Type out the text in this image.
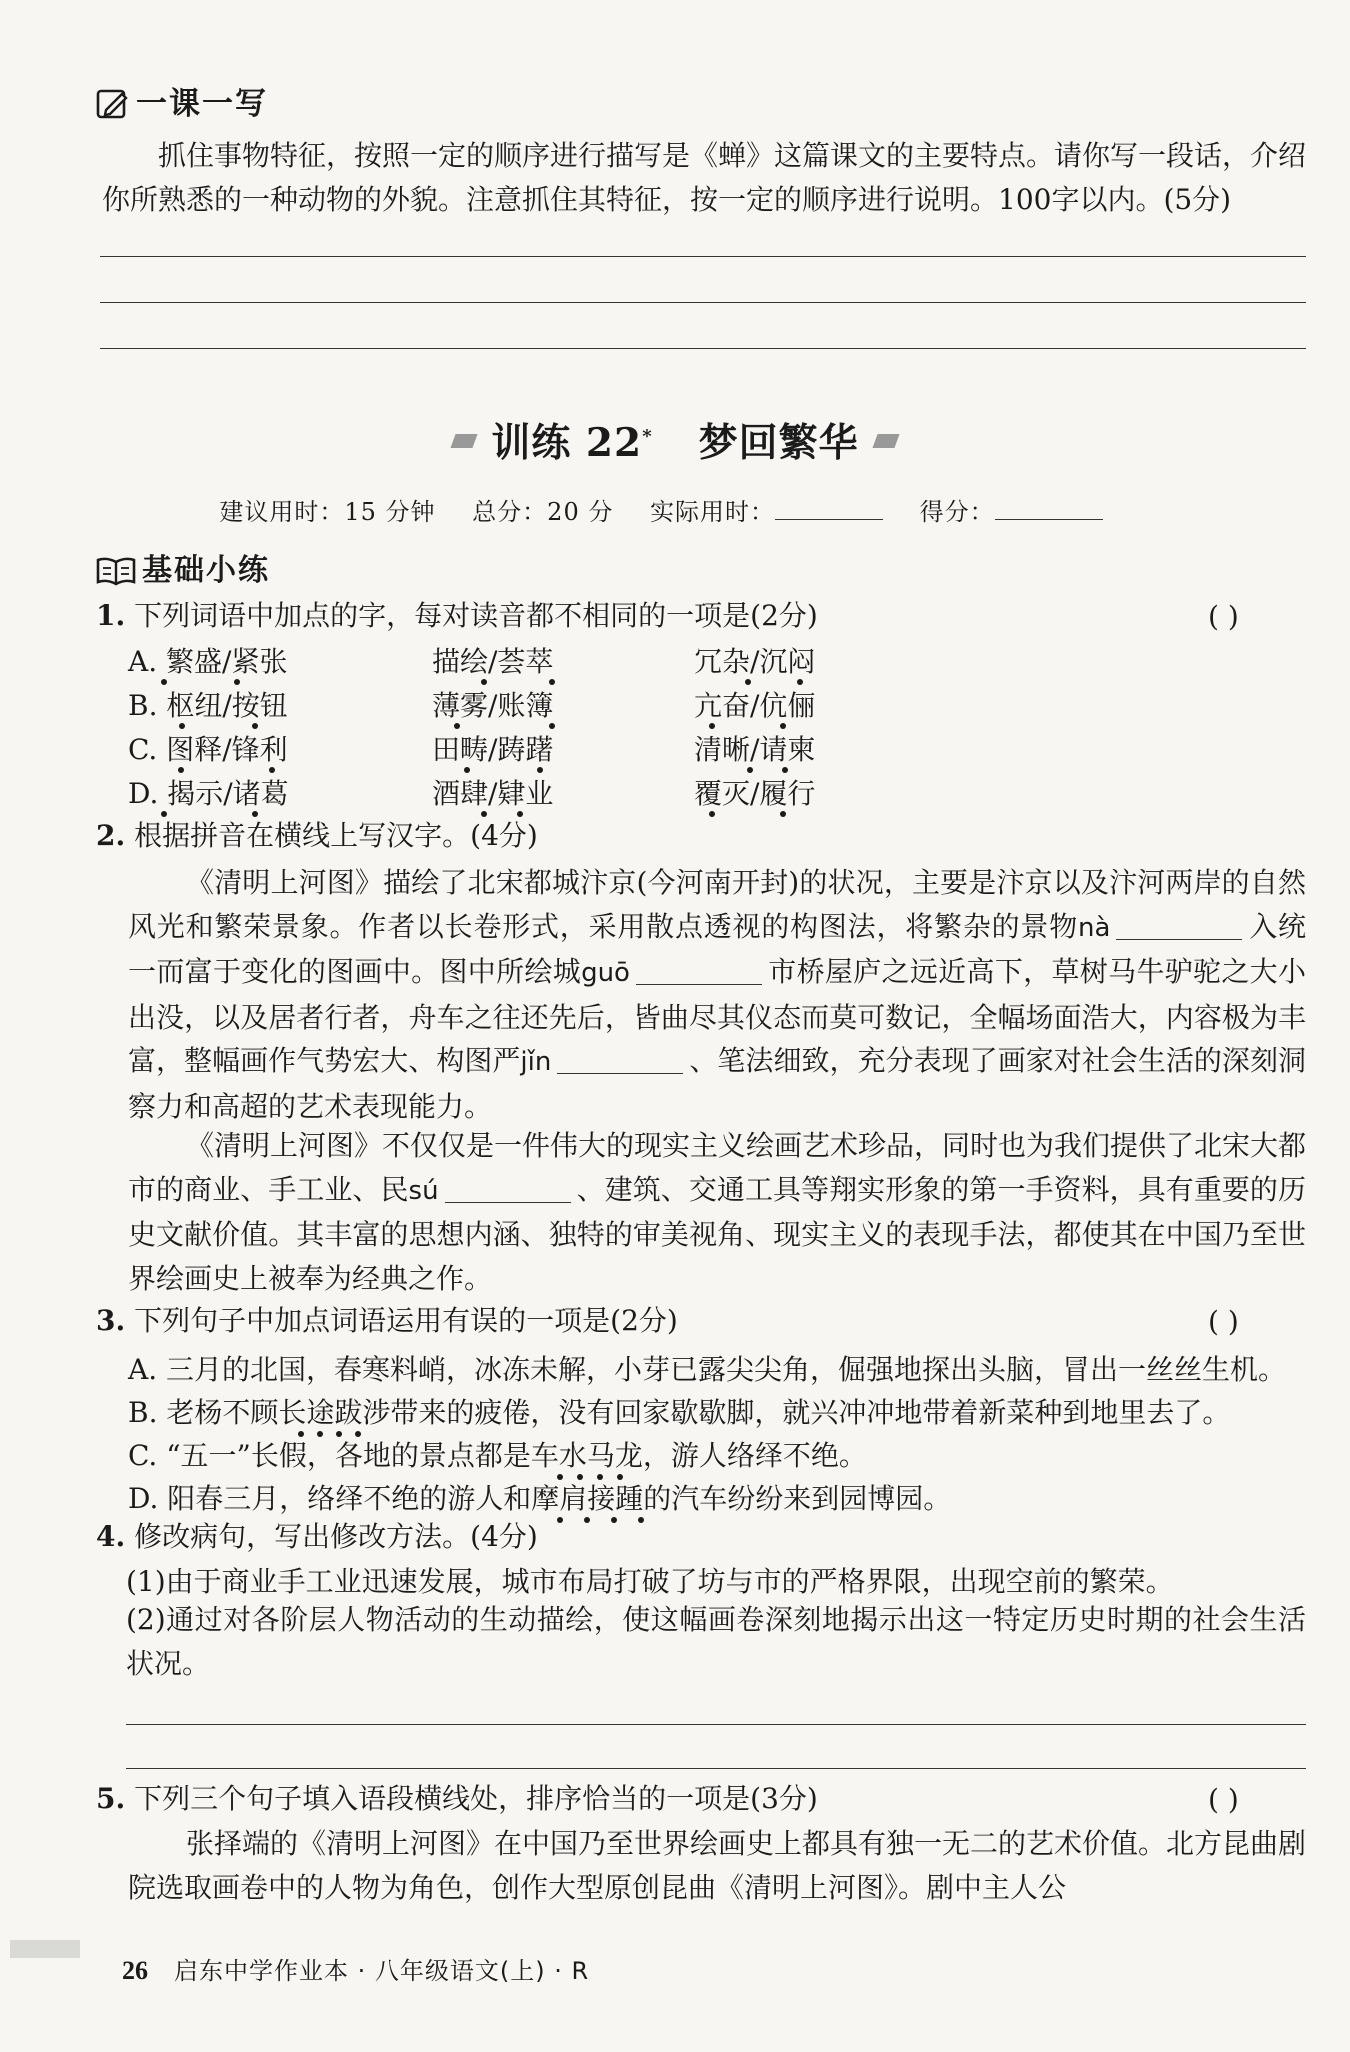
一课一写
抓住事物特征，按照一定的顺序进行描写是《蝉》这篇课文的主要特点。请你写一段话，介绍
你所熟悉的一种动物的外貌。注意抓住其特征，按一定的顺序进行说明。100字以内。(5分)
训练 22* 梦回繁华
建议用时：15 分钟 总分：20 分 实际用时：	得分：
基础小练
1. 下列词语中加点的字，每对读音都不相同的一项是(2分)	( )
A. 繁盛/紧张	描绘/荟萃	冗杂/沉闷
B. 枢纽/按钮	薄雾/账簿	亢奋/伉俪
C. 图释/锋利	田畴/踌躇	清晰/请柬
D. 揭示/诸葛	酒肆/肄业	覆灭/履行
2. 根据拼音在横线上写汉字。(4分)
《清明上河图》描绘了北宋都城汴京(今河南开封)的状况，主要是汴京以及汴河两岸的自然风光和繁荣景象。作者以长卷形式，采用散点透视的构图法，将繁杂的景物nà	入统一而富于变化的图画中。图中所绘城guō	市桥屋庐之远近高下，草树马牛驴驼之大小出没，以及居者行者，舟车之往还先后，皆曲尽其仪态而莫可数记，全幅场面浩大，内容极为丰富，整幅画作气势宏大、构图严jǐn	、笔法细致，充分表现了画家对社会生活的深刻洞察力和高超的艺术表现能力。
《清明上河图》不仅仅是一件伟大的现实主义绘画艺术珍品，同时也为我们提供了北宋大都市的商业、手工业、民sú	、建筑、交通工具等翔实形象的第一手资料，具有重要的历史文献价值。其丰富的思想内涵、独特的审美视角、现实主义的表现手法，都使其在中国乃至世界绘画史上被奉为经典之作。
3. 下列句子中加点词语运用有误的一项是(2分)	( )
A. 三月的北国，春寒料峭，冰冻未解，小芽已露尖尖角，倔强地探出头脑，冒出一丝丝生机。
B. 老杨不顾长途跋涉带来的疲倦，没有回家歇歇脚，就兴冲冲地带着新菜种到地里去了。
C. “五一”长假，各地的景点都是车水马龙，游人络绎不绝。
D. 阳春三月，络绎不绝的游人和摩肩接踵的汽车纷纷来到园博园。
4. 修改病句，写出修改方法。(4分)
(1)由于商业手工业迅速发展，城市布局打破了坊与市的严格界限，出现空前的繁荣。
(2)通过对各阶层人物活动的生动描绘，使这幅画卷深刻地揭示出这一特定历史时期的社会生活状况。
5. 下列三个句子填入语段横线处，排序恰当的一项是(3分)	( )
张择端的《清明上河图》在中国乃至世界绘画史上都具有独一无二的艺术价值。北方昆曲剧院选取画卷中的人物为角色，创作大型原创昆曲《清明上河图》。剧中主人公
26 启东中学作业本 · 八年级语文(上) · R
